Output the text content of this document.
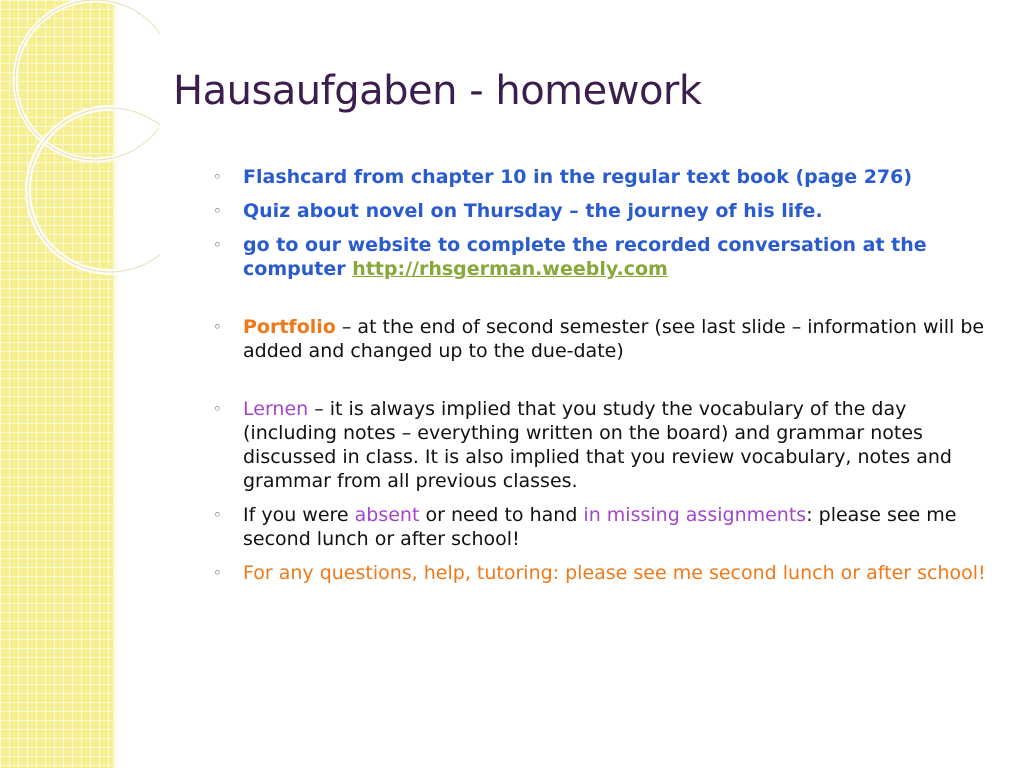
Hausaufgaben - homework
◦ Flashcard from chapter 10 in the regular text book (page 276)
◦ Quiz about novel on Thursday – the journey of his life.
◦ go to our website to complete the recorded conversation at the computer http://rhsgerman.weebly.com
◦ Portfolio – at the end of second semester (see last slide – information will be added and changed up to the due-date)
◦ Lernen – it is always implied that you study the vocabulary of the day (including notes – everything written on the board) and grammar notes discussed in class. It is also implied that you review vocabulary, notes and grammar from all previous classes.
◦ If you were absent or need to hand in missing assignments: please see me second lunch or after school!
◦ For any questions, help, tutoring: please see me second lunch or after school!
